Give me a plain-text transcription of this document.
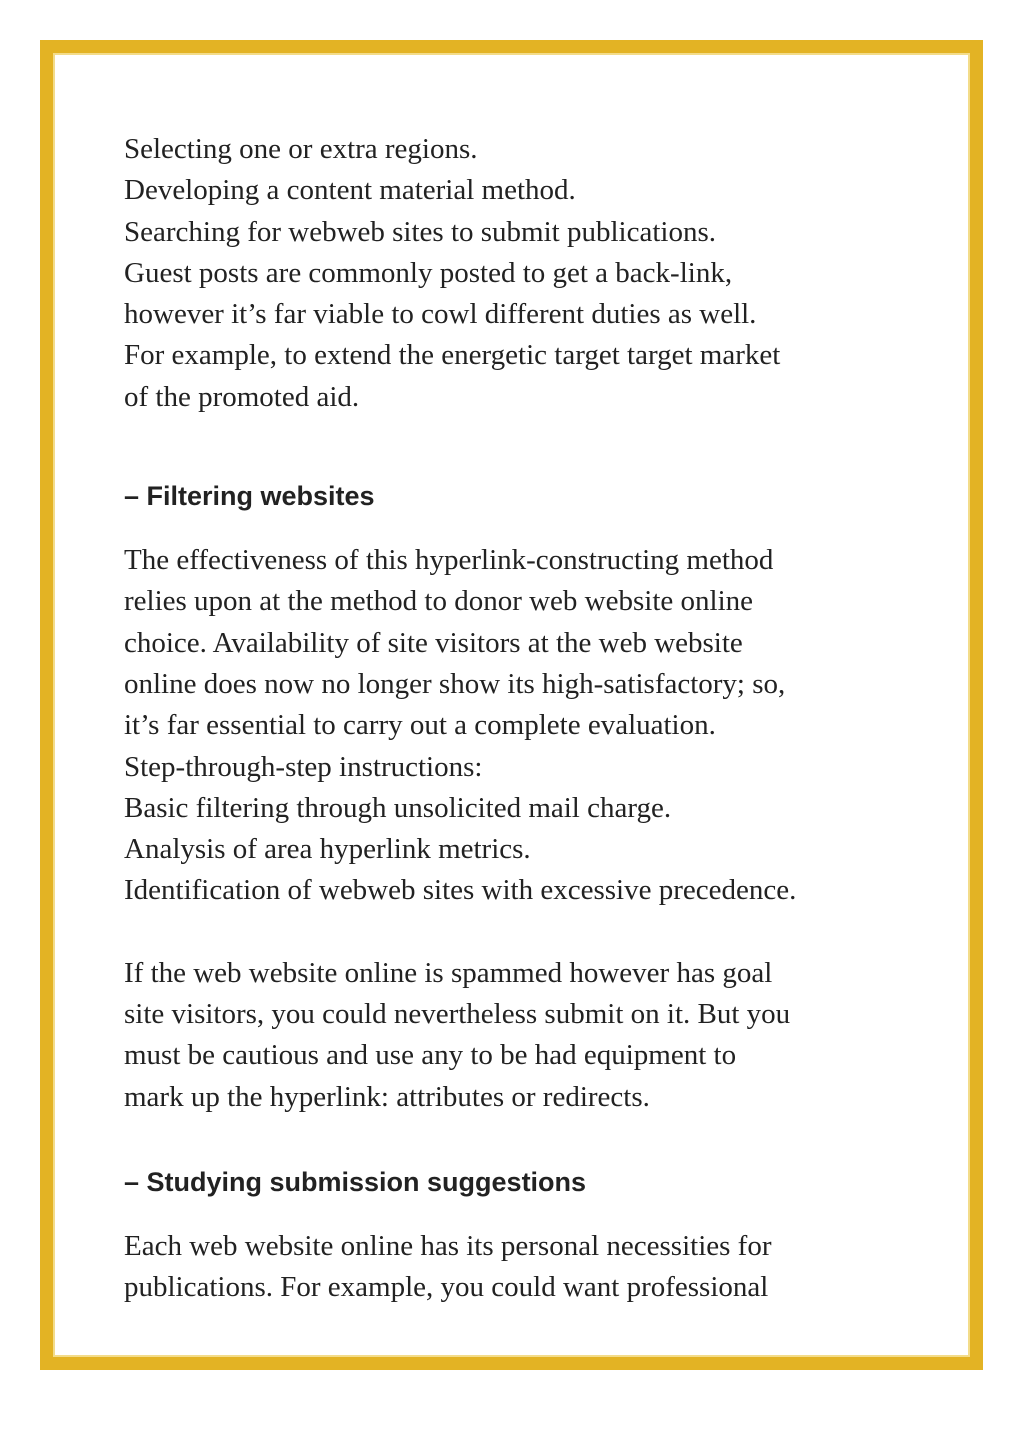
Selecting one or extra regions.
Developing a content material method.
Searching for webweb sites to submit publications.
Guest posts are commonly posted to get a back-link,
however it’s far viable to cowl different duties as well.
For example, to extend the energetic target target market
of the promoted aid.

– Filtering websites

The effectiveness of this hyperlink-constructing method
relies upon at the method to donor web website online
choice. Availability of site visitors at the web website
online does now no longer show its high-satisfactory; so,
it’s far essential to carry out a complete evaluation.
Step-through-step instructions:
Basic filtering through unsolicited mail charge.
Analysis of area hyperlink metrics.
Identification of webweb sites with excessive precedence.

If the web website online is spammed however has goal
site visitors, you could nevertheless submit on it. But you
must be cautious and use any to be had equipment to
mark up the hyperlink: attributes or redirects.

– Studying submission suggestions

Each web website online has its personal necessities for
publications. For example, you could want professional
